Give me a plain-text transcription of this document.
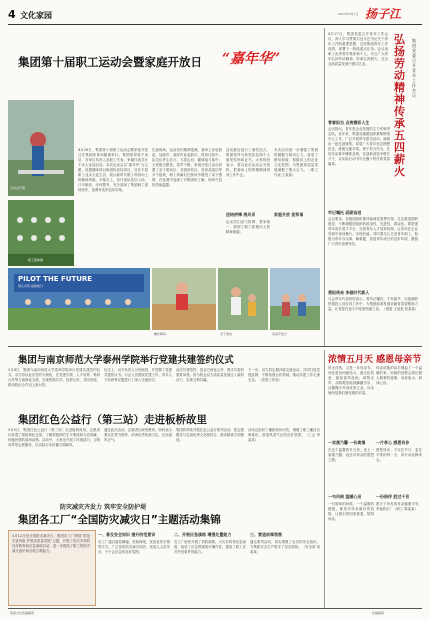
4 文化家园	2023年5月1日 扬子江
集团第十届职工运动会暨家庭开放日 “嘉年华”
运动会开幕
职工团体操
4月28日，集团第十届职工运动会暨家庭开放日在集团体育场隆重举行。集团领导班子成员、各单位负责人及职工代表、家属代表共计千余人参加活动。本次运动会以“嘉年华”为主题，设置趣味项目和团体竞技项目，旨在丰富职工业余文化生活，展示新时代职工昂扬向上的精神风貌。开幕式上，各代表队依次入场，口号响亮，步伐整齐，充分展现了集团职工团结协作、奋勇争先的良好形象。
比赛现场，运动员们精神饱满，赛场上你追我赶，加油声、欢呼声此起彼伏。拔河比赛中，队员们齐心协力，力拔山河；趣味接力赛中，大家配合默契，笑声不断。家庭开放日活动设置了亲子游戏区、非遗体验区、美食品鉴区等多个板块，职工家属们在游戏中增进了亲子感情，在参观中加深了对集团的了解，现场气氛热烈而温馨。
活动最后进行了颁奖仪式，集团领导为获奖队伍和个人颁发奖杯和证书。大家纷纷表示，将以此次运动会为契机，把赛场上的拼搏精神带到工作中去。
团结拼搏 展风采
运动员们奋力拼搏、勇争第一，展现了职工积极向上的精神面貌。
本次活动进一步增强了集团的凝聚力和向心力，营造了团结和谐、积极向上的企业文化氛围，为集团高质量发展凝聚了强大合力。（职工代表 王某某）
家庭开放 促和谐
PILOT THE FUTURE
同心共筑·砥砺前行
精彩瞬间	亲子游戏	家庭开放日
4月27日，集团党委召开青年工作会议，深入学习贯彻习近平总书记关于青年工作的重要思想，总结集团青年工作成绩，部署下一阶段重点任务。会议表彰了优秀青年集体和个人，号召广大青年弘扬劳动精神，传承五四薪火，在企业高质量发展中建功立业。
弘扬劳动精神 传承五四薪火
集团党委召开青年工作会议
青春担当 点亮精彩人生
会议指出，青年是企业发展的生力军和突击队。近年来，集团各级团组织紧紧围绕中心工作，广泛开展青年建功活动，涌现出一批先进典型。希望广大青年坚定理想信念，练就过硬本领，勇于担当作为，在攻坚克难中锤炼品格，在创新创造中增长才干，以实际行动书写无愧于时代的青春篇章。
牢记嘱托 砥砺奋进
会议要求，各级团组织要持续深化思想引领，扎实推进团的建设，不断增强团组织的政治性、先进性、群众性。要搭建青年成长成才平台，完善青年人才培养机制，让青年在企业发展中找到舞台、实现价值。同时要关心关爱青年职工，积极为青年办实事、解难题，营造青年成长的良好环境，激励广大青年奋勇争先。
勇担使命 争做时代新人
与会青年代表纷纷表示，将牢记嘱托、不负韶华，以饱满的热情投入到各项工作中，为集团改革发展贡献青春智慧和力量，让青春在奋斗中绽放绚丽之花。（团委 王某某 张某某）
集团与南京师范大学泰州学院举行党建共建签约仪式
5月4日，集团与南京师范大学泰州学院举行党建共建签约仪式。双方将以此次签约为契机，在党建引领、人才培养、科研合作等方面深化交流，实现资源共享、优势互补、共同发展，推动校企合作迈上新台阶。
仪式上，双方负责人分别致辞，并签署了党建共建协议书。与会人员围绕党建工作、青年人才培养等议题进行了深入交流探讨。
此次共建签约，是双方深化合作、携手共进的重要举措，将为校企双方高质量发展注入新的动力，实现互利共赢。
下一步，双方将定期开展交流活动，共同打造党建品牌，不断拓展合作领域，推动共建工作走深走实。（党群工作部）
集团红色公益行（第三站）走进板桥故里
5月5日，集团红色公益行（第三站）走进板桥故里。志愿者们参观了郑板桥纪念馆，了解郑板桥的生平事迹和为官清廉、体恤民情的高尚品格。活动中，大家还开展了环境清扫、文明劝导等志愿服务，以实际行动传播文明新风。
通过此次活动，志愿者们深受教育，纷纷表示要以先贤为榜样，传承优秀传统文化，弘扬清风正气。
集团将持续开展红色公益行系列活动，把志愿服务与弘扬优秀文化相结合，推动精神文明建设。
活动还组织了廉政知识问答，增强了职工廉洁自律意识，营造风清气正的良好氛围。（工会 李某某）
防灾减灾齐发力 筑牢安全防护堤
集团各工厂“全国防灾减灾日”主题活动集锦
5月12日是全国防灾减灾日，集团各工厂围绕“防范灾害风险 护航高质量发展”主题，开展了形式多样的宣传教育和应急演练活动，进一步提高了职工的防灾减灾意识和自救互救能力。
一、普及安全知识 提升防范意识
各工厂通过悬挂横幅、张贴海报、发放宣传手册等方式，广泛宣传防灾减灾知识，营造人人讲安全、个个会应急的良好氛围。
二、开展应急演练 增强处置能力
各工厂组织开展了消防疏散、火灾扑救等应急演练，检验了应急预案的可操作性，提高了职工应对突发事件的能力。
三、营造浓厚氛围
通过系列活动，切实增强了全员的安全意识，为集团安全生产筑牢了坚实防线。（安全部 刘某某）
浓情五月天 感恩母亲节
时光荏苒，又是一年母亲节。母爱是世间最伟大、最无私的爱，她如春风化雨，润物无声。从呱呱坠地到蹒跚学步，从懵懂少年到成家立业，母亲始终是我们最坚强的后盾。
一束康乃馨 一份真情
在这个温馨的节日里，送上一束康乃馨，表达对母亲的感恩之情。
一句问候 温暖心田
一句简单的问候，一个温暖的拥抱，都是对母亲最好的回报。让我们常回家看看，陪陪母亲。
一片孝心 感恩有你
母亲用她的双手撑起了一个温暖的家，用她的爱教会我们做人做事的道理。母爱如水，润泽心田。
感恩母亲，不仅在节日，更在平常的每一天，用行动诠释孝心。
一份陪伴 胜过千言
愿天下所有的母亲健康平安，幸福快乐！（职工 陈某某）
集团文化报编辑部	投稿邮箱
